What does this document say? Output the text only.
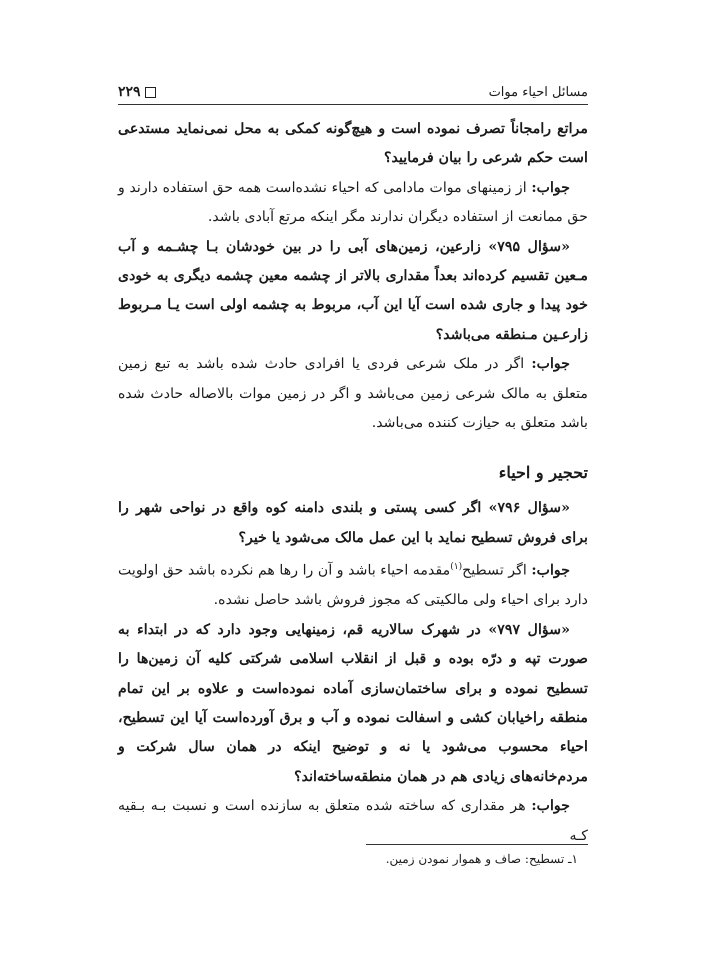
مسائل احیاء موات
۲۲۹

مراتع رامجاناً تصرف نموده است و هیچ‌گونه کمکی به محل نمی‌نماید مستدعی است حکم شرعی را بیان فرمایید؟

جواب: از زمینهای موات مادامی که احیاء نشده‌است همه حق استفاده دارند و حق ممانعت از استفاده دیگران ندارند مگر اینکه مرتع آبادی باشد.

«سؤال ۷۹۵» زارعین، زمین‌های آبی را در بین خودشان بـا چشـمه و آب مـعین تقسیم کرده‌اند بعداً مقداری بالاتر از چشمه معین چشمه دیگری به خودی خود پیدا و جاری شده است آیا این آب، مربوط به چشمه اولی است یـا مـربوط زارعـین مـنطقه می‌باشد؟

جواب: اگر در ملک شرعی فردی یا افرادی حادث شده باشد به تبع زمین متعلق به مالک شرعی زمین می‌باشد و اگر در زمین موات بالاصاله حادث شده باشد متعلق به حیازت کننده می‌باشد.

تحجیر و احیاء

«سؤال ۷۹۶» اگر کسی پستی و بلندی دامنه کوه واقع در نواحی شهر را برای فروش تسطیح نماید با این عمل مالک می‌شود یا خیر؟

جواب: اگر تسطیح$^{(۱)}$مقدمه احیاء باشد و آن را رها هم نکرده باشد حق اولویت دارد برای احیاء ولی مالکیتی که مجوز فروش باشد حاصل نشده.

«سؤال ۷۹۷» در شهرک سالاریه قم، زمینهایی وجود دارد که در ابتداء به صورت تپه و درّه بوده و قبل از انقلاب اسلامی شرکتی کلیه آن زمین‌ها را تسطیح نموده و برای ساختمان‌سازی آماده نموده‌است و علاوه بر این تمام منطقه راخیابان کشی و اسفالت نموده و آب و برق آورده‌است آیا این تسطیح، احیاء محسوب می‌شود یا نه و توضیح اینکه در همان سال شرکت و مردم‌خانه‌های زیادی هم در همان منطقه‌ساخته‌اند؟

جواب: هر مقداری که ساخته شده متعلق به سازنده است و نسبت بـه بـقیه کـه

۱ـ تسطیح: صاف و هموار نمودن زمین.
